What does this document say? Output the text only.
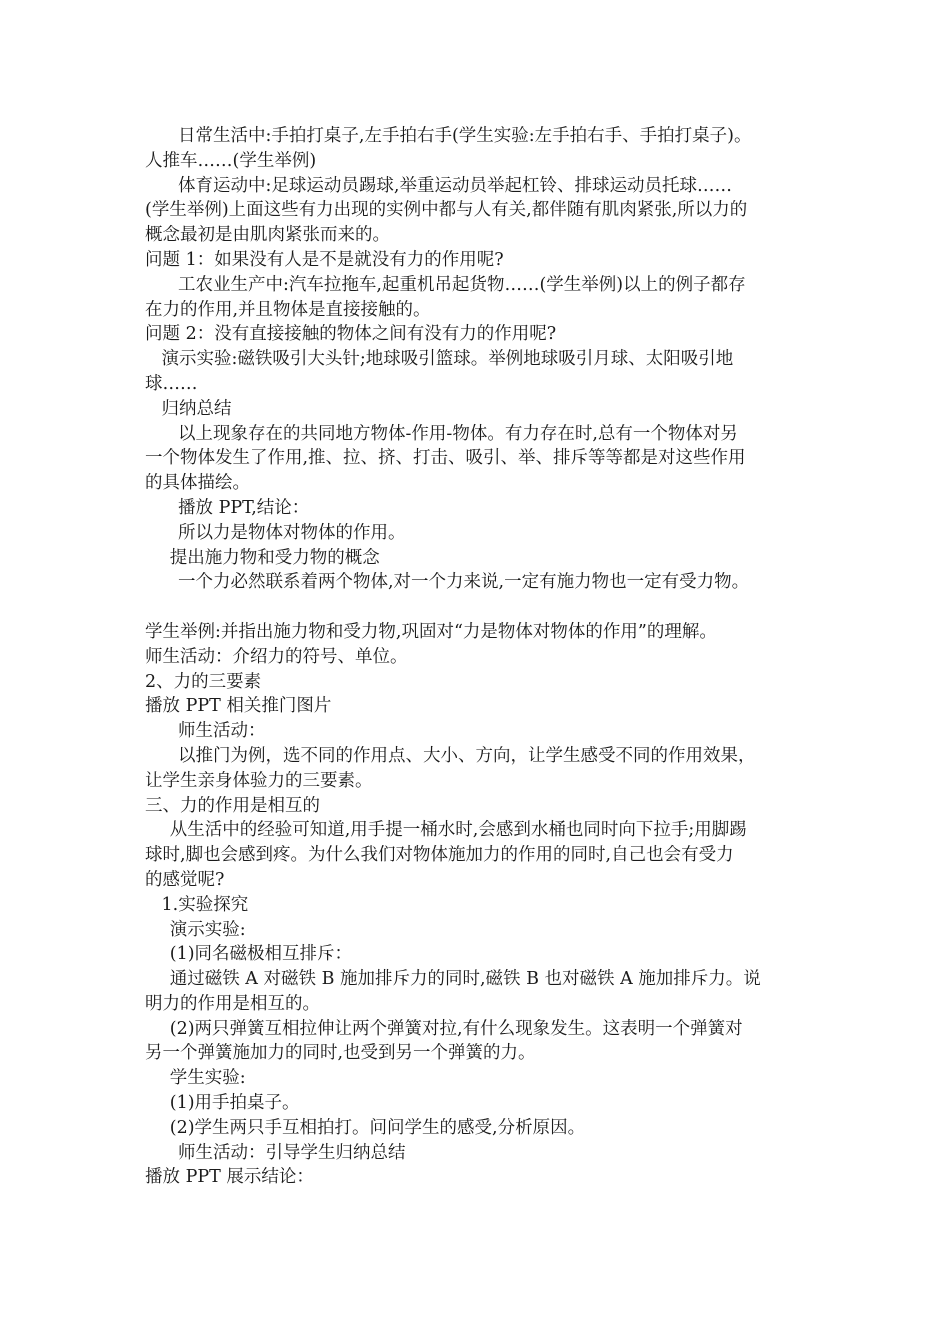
日常生活中:手拍打桌子,左手拍右手(学生实验:左手拍右手、手拍打桌子)。
人推车……(学生举例)
体育运动中:足球运动员踢球,举重运动员举起杠铃、排球运动员托球……
(学生举例)上面这些有力出现的实例中都与人有关,都伴随有肌肉紧张,所以力的
概念最初是由肌肉紧张而来的。
问题 1：如果没有人是不是就没有力的作用呢?
工农业生产中:汽车拉拖车,起重机吊起货物……(学生举例)以上的例子都存
在力的作用,并且物体是直接接触的。
问题 2：没有直接接触的物体之间有没有力的作用呢?
演示实验:磁铁吸引大头针;地球吸引篮球。举例地球吸引月球、太阳吸引地
球……
归纳总结
以上现象存在的共同地方物体-作用-物体。有力存在时,总有一个物体对另
一个物体发生了作用,推、拉、挤、打击、吸引、举、排斥等等都是对这些作用
的具体描绘。
播放 PPT,结论：
所以力是物体对物体的作用。
提出施力物和受力物的概念
一个力必然联系着两个物体,对一个力来说,一定有施力物也一定有受力物。
学生举例:并指出施力物和受力物,巩固对“力是物体对物体的作用”的理解。
师生活动：介绍力的符号、单位。
2、力的三要素
播放 PPT 相关推门图片
师生活动：
以推门为例，选不同的作用点、大小、方向，让学生感受不同的作用效果，
让学生亲身体验力的三要素。
三、力的作用是相互的
从生活中的经验可知道,用手提一桶水时,会感到水桶也同时向下拉手;用脚踢
球时,脚也会感到疼。为什么我们对物体施加力的作用的同时,自己也会有受力
的感觉呢?
1.实验探究
演示实验:
(1)同名磁极相互排斥：
通过磁铁 A 对磁铁 B 施加排斥力的同时,磁铁 B 也对磁铁 A 施加排斥力。说
明力的作用是相互的。
(2)两只弹簧互相拉伸让两个弹簧对拉,有什么现象发生。这表明一个弹簧对
另一个弹簧施加力的同时,也受到另一个弹簧的力。
学生实验:
(1)用手拍桌子。
(2)学生两只手互相拍打。问问学生的感受,分析原因。
师生活动：引导学生归纳总结
播放 PPT 展示结论：
